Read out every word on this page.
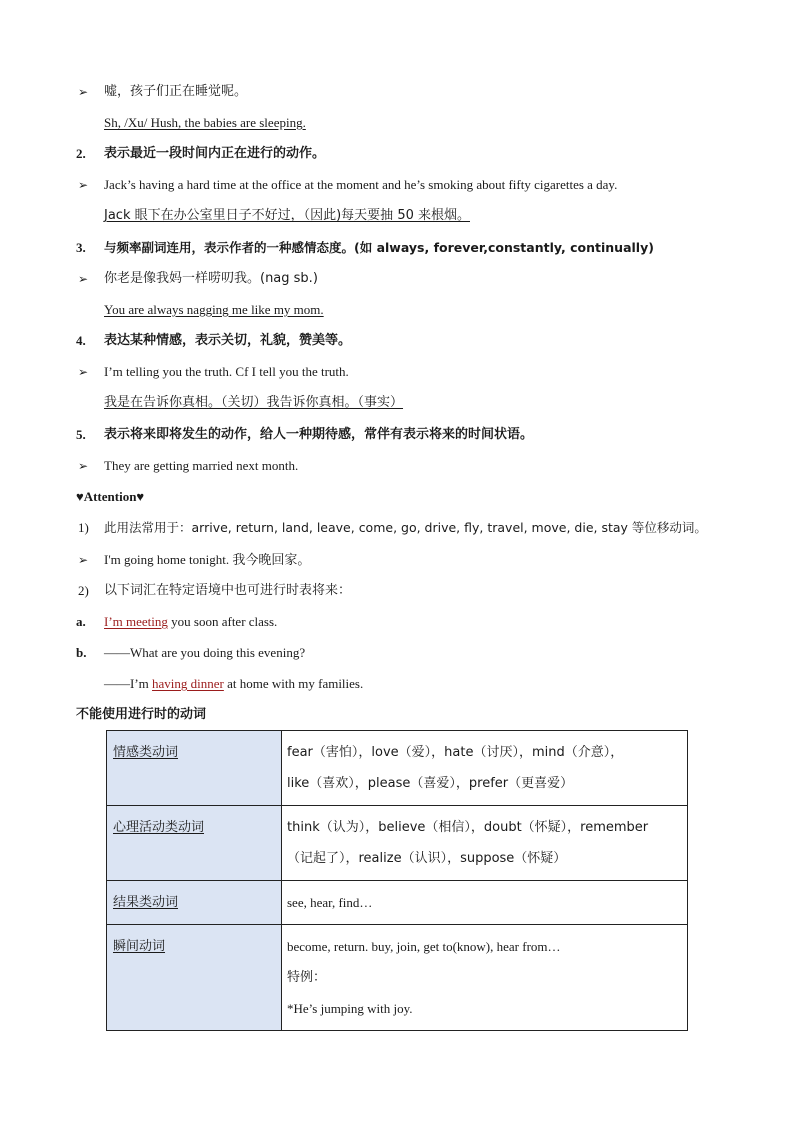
➢ 嘘，孩子们正在睡觉呢。
Sh, /Xu/ Hush, the babies are sleeping.
2. 表示最近一段时间内正在进行的动作。
➢ Jack’s having a hard time at the office at the moment and he’s smoking about fifty cigarettes a day.
Jack 眼下在办公室里日子不好过，（因此)每天要抽 50 来根烟。
3. 与频率副词连用，表示作者的一种感情态度。(如 always, forever,constantly, continually)
➢ 你老是像我妈一样唠叨我。(nag sb.)
You are always nagging me like my mom.
4. 表达某种情感，表示关切，礼貌，赞美等。
➢ I’m telling you the truth. Cf I tell you the truth.
我是在告诉你真相。（关切）我告诉你真相。（事实）
5. 表示将来即将发生的动作，给人一种期待感，常伴有表示将来的时间状语。
➢ They are getting married next month.
♥Attention♥
1) 此用法常用于：arrive, return, land, leave, come, go, drive, fly, travel, move, die, stay 等位移动词。
➢ I'm going home tonight. 我今晚回家。
2) 以下词汇在特定语境中也可进行时表将来：
a. I’m meeting you soon after class.
b. ——What are you doing this evening?
——I’m having dinner at home with my families.
不能使用进行时的动词
情感类动词	fear（害怕），love（爱），hate（讨厌），mind（介意），
like（喜欢），please（喜爱），prefer（更喜爱）

心理活动类动词	think（认为），believe（相信），doubt（怀疑），remember
（记起了），realize（认识），suppose（怀疑）

结果类动词	see, hear, find…

瞬间动词	become, return. buy, join, get to(know), hear from…
特例：
*He’s jumping with joy.
